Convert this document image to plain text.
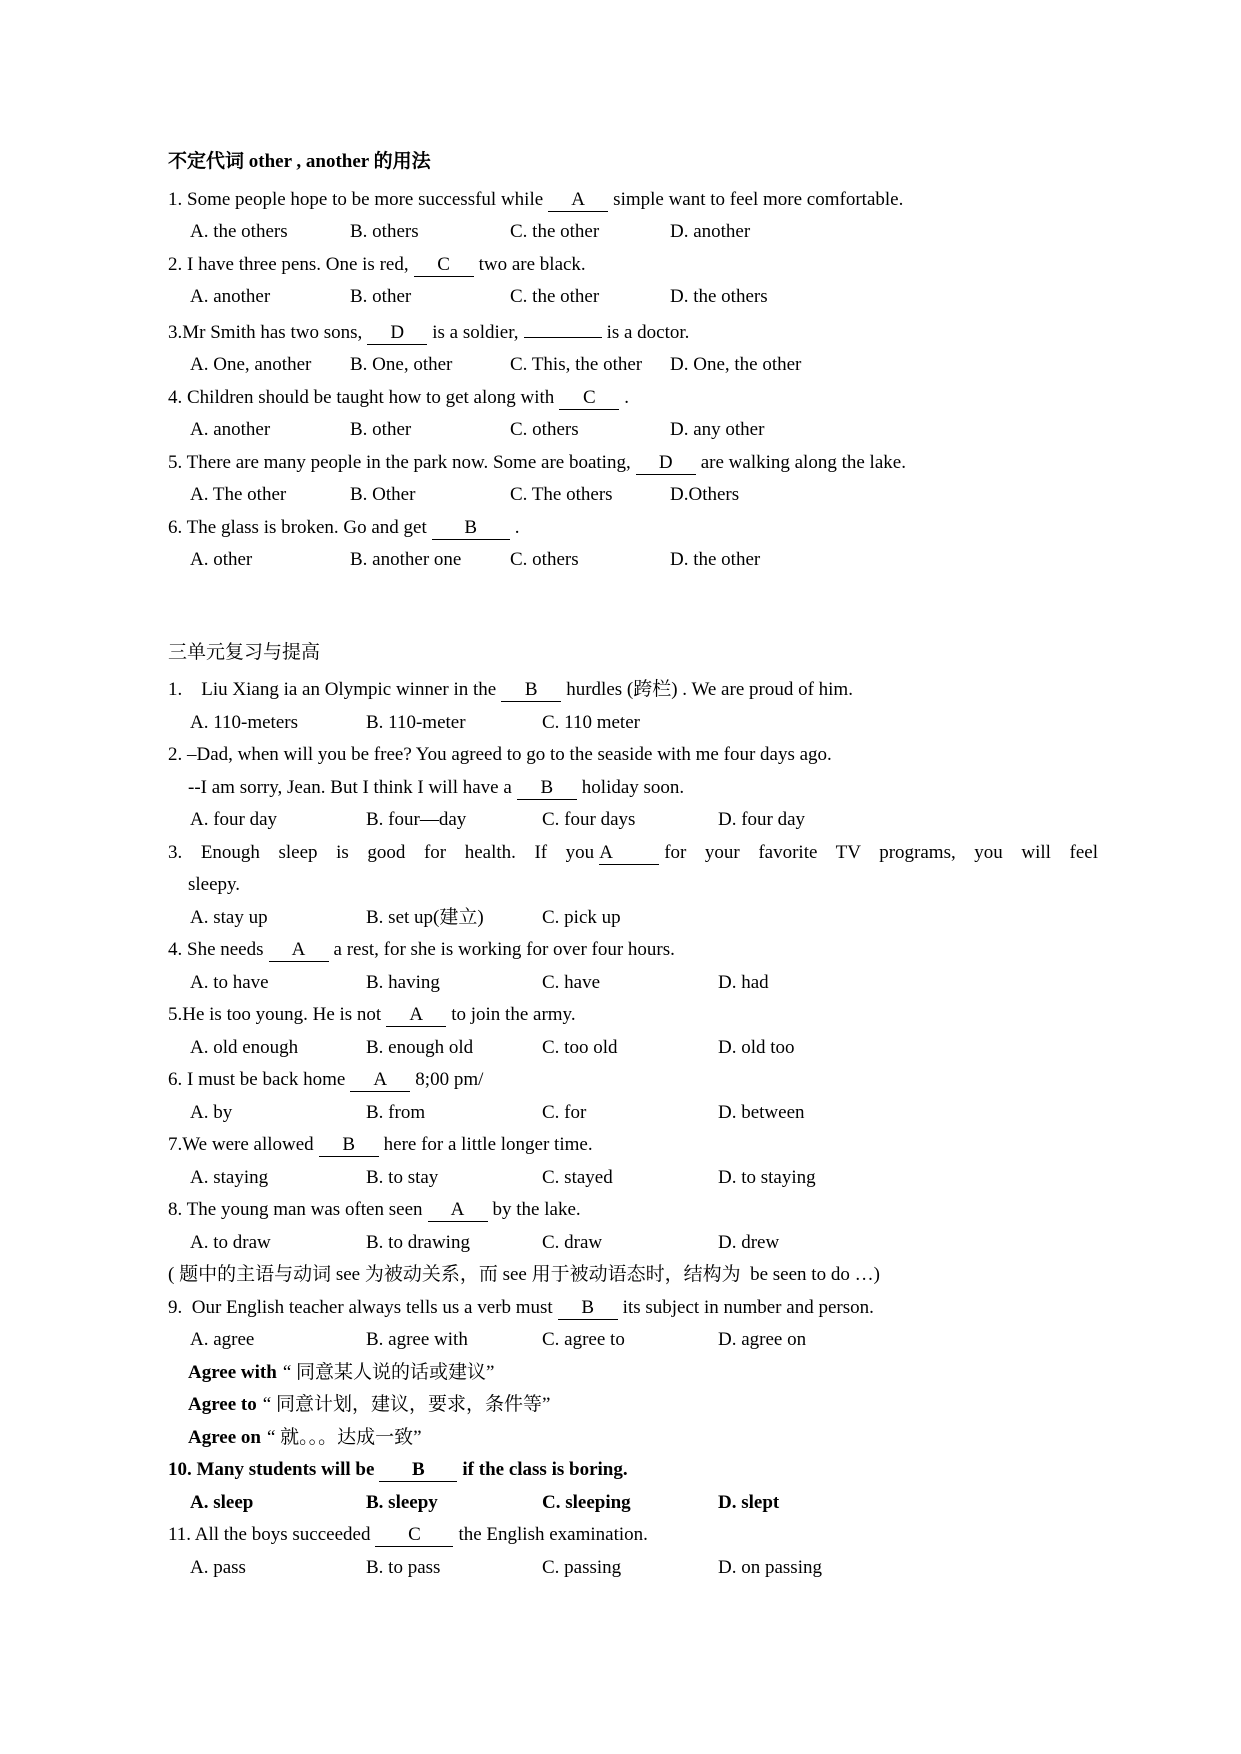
不定代词 other , another 的用法
1. Some people hope to be more successful while A simple want to feel more comfortable.
A. the others	B. others	C. the other	D. another
2. I have three pens. One is red, C two are black.
A. another	B. other	C. the other	D. the others
3.Mr Smith has two sons, D is a soldier,	is a doctor.
A. One, another B. One, other	C. This, the other D. One, the other
4. Children should be taught how to get along with C .
A. another	B. other	C. others	D. any other
5. There are many people in the park now. Some are boating, D are walking along the lake.
A. The other	B. Other	C. The others	D.Others
6. The glass is broken. Go and get B .
A. other	B. another one	C. others	D. the other
三单元复习与提高
1.    Liu Xiang ia an Olympic winner in the B hurdles (跨栏) . We are proud of him.
A. 110-meters	B. 110-meter	C. 110 meter
2. –Dad, when will you be free? You agreed to go to the seaside with me four days ago.
--I am sorry, Jean. But I think I will have a B holiday soon.
A. four day	B. four—day	C. four days	D. four day
3. Enough sleep is good for health. If you A	for your favorite TV programs, you will feel
sleepy.
A. stay up	B. set up(建立)	C. pick up
4. She needs A a rest, for she is working for over four hours.
A. to have	B. having	C. have	D. had
5.He is too young. He is not A to join the army.
A. old enough	B. enough old	C. too old	D. old too
6. I must be back home A 8;00 pm/
A. by	B. from	C. for	D. between
7.We were allowed B here for a little longer time.
A. staying	B. to stay	C. stayed	D. to staying
8. The young man was often seen A by the lake.
A. to draw	B. to drawing	C. draw	D. drew
( 题中的主语与动词 see 为被动关系，而 see 用于被动语态时，结构为  be seen to do …)
9.  Our English teacher always tells us a verb must B its subject in number and person.
A. agree	B. agree with	C. agree to	D. agree on
Agree with “ 同意某人说的话或建议”
Agree to “ 同意计划，建议，要求，条件等”
Agree on “ 就。。。达成一致”
10. Many students will be B if the class is boring.
A. sleep	B. sleepy	C. sleeping	D. slept
11. All the boys succeeded C the English examination.
A. pass	B. to pass	C. passing	D. on passing
